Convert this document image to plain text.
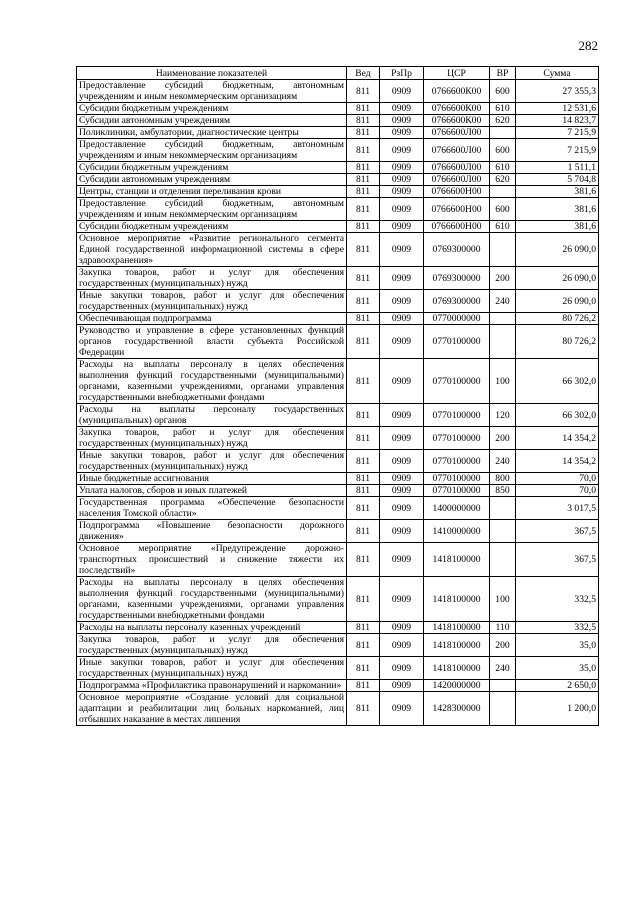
282
Наименование показателей	Вед	РзПр	ЦСР	ВР	Сумма
Предоставление субсидий бюджетным, автономным учреждениям и иным некоммерческим организациям	811	0909	0766600К00	600	27 355,3
Субсидии бюджетным учреждениям	811	0909	0766600К00	610	12 531,6
Субсидии автономным учреждениям	811	0909	0766600К00	620	14 823,7
Поликлиники, амбулатории, диагностические центры	811	0909	0766600Л00		7 215,9
Предоставление субсидий бюджетным, автономным учреждениям и иным некоммерческим организациям	811	0909	0766600Л00	600	7 215,9
Субсидии бюджетным учреждениям	811	0909	0766600Л00	610	1 511,1
Субсидии автономным учреждениям	811	0909	0766600Л00	620	5 704,8
Центры, станции и отделения переливания крови	811	0909	0766600Н00		381,6
Предоставление субсидий бюджетным, автономным учреждениям и иным некоммерческим организациям	811	0909	0766600Н00	600	381,6
Субсидии бюджетным учреждениям	811	0909	0766600Н00	610	381,6
Основное мероприятие «Развитие регионального сегмента Единой государственной информационной системы в сфере здравоохранения»	811	0909	0769300000		26 090,0
Закупка товаров, работ и услуг для обеспечения государственных (муниципальных) нужд	811	0909	0769300000	200	26 090,0
Иные закупки товаров, работ и услуг для обеспечения государственных (муниципальных) нужд	811	0909	0769300000	240	26 090,0
Обеспечивающая подпрограмма	811	0909	0770000000		80 726,2
Руководство и управление в сфере установленных функций органов государственной власти субъекта Российской Федерации	811	0909	0770100000		80 726,2
Расходы на выплаты персоналу в целях обеспечения выполнения функций государственными (муниципальными) органами, казенными учреждениями, органами управления государственными внебюджетными фондами	811	0909	0770100000	100	66 302,0
Расходы на выплаты персоналу государственных (муниципальных) органов	811	0909	0770100000	120	66 302,0
Закупка товаров, работ и услуг для обеспечения государственных (муниципальных) нужд	811	0909	0770100000	200	14 354,2
Иные закупки товаров, работ и услуг для обеспечения государственных (муниципальных) нужд	811	0909	0770100000	240	14 354,2
Иные бюджетные ассигнования	811	0909	0770100000	800	70,0
Уплата налогов, сборов и иных платежей	811	0909	0770100000	850	70,0
Государственная программа «Обеспечение безопасности населения Томской области»	811	0909	1400000000		3 017,5
Подпрограмма «Повышение безопасности дорожного движения»	811	0909	1410000000		367,5
Основное мероприятие «Предупреждение дорожно-транспортных происшествий и снижение тяжести их последствий»	811	0909	1418100000		367,5
Расходы на выплаты персоналу в целях обеспечения выполнения функций государственными (муниципальными) органами, казенными учреждениями, органами управления государственными внебюджетными фондами	811	0909	1418100000	100	332,5
Расходы на выплаты персоналу казенных учреждений	811	0909	1418100000	110	332,5
Закупка товаров, работ и услуг для обеспечения государственных (муниципальных) нужд	811	0909	1418100000	200	35,0
Иные закупки товаров, работ и услуг для обеспечения государственных (муниципальных) нужд	811	0909	1418100000	240	35,0
Подпрограмма «Профилактика правонарушений и наркомании»	811	0909	1420000000		2 650,0
Основное мероприятие «Создание условий для социальной адаптации и реабилитации лиц больных наркоманией, лиц отбывших наказание в местах лишения	811	0909	1428300000		1 200,0
